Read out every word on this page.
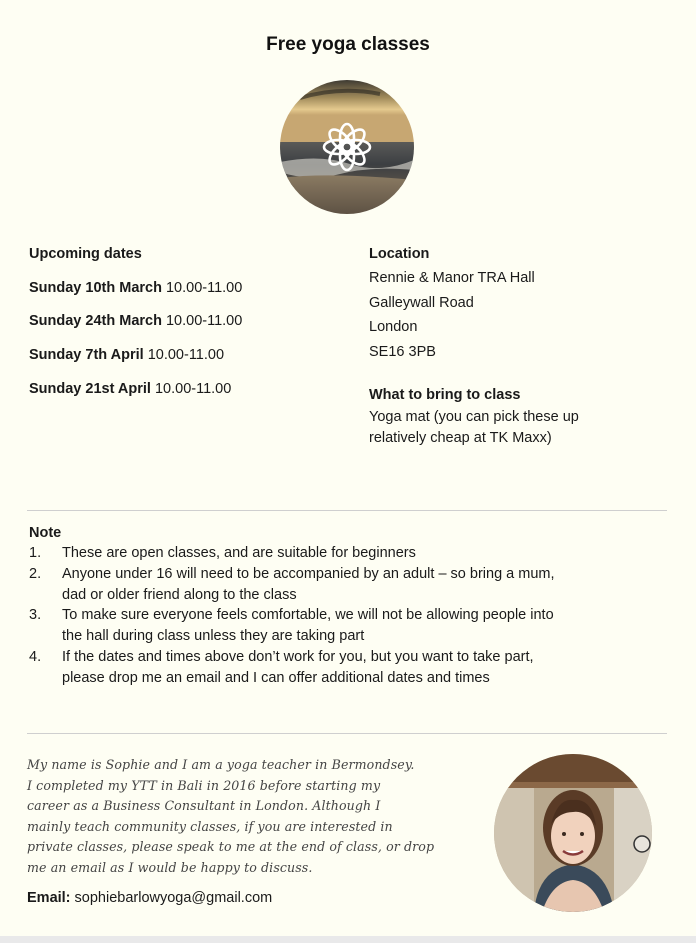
Free yoga classes
Upcoming dates
Sunday 10th March 10.00-11.00
Sunday 24th March 10.00-11.00
Sunday 7th April 10.00-11.00
Sunday 21st April 10.00-11.00
Location
Rennie & Manor TRA Hall
Galleywall Road
London
SE16 3PB
What to bring to class
Yoga mat (you can pick these up
relatively cheap at TK Maxx)
Note
1.	These are open classes, and are suitable for beginners
2.	Anyone under 16 will need to be accompanied by an adult – so bring a mum,
dad or older friend along to the class
3.	To make sure everyone feels comfortable, we will not be allowing people into
the hall during class unless they are taking part
4.	If the dates and times above don’t work for you, but you want to take part,
please drop me an email and I can offer additional dates and times
My name is Sophie and I am a yoga teacher in Bermondsey.
I completed my YTT in Bali in 2016 before starting my
career as a Business Consultant in London. Although I
mainly teach community classes, if you are interested in
private classes, please speak to me at the end of class, or drop
me an email as I would be happy to discuss.
Email: sophiebarlowyoga@gmail.com
